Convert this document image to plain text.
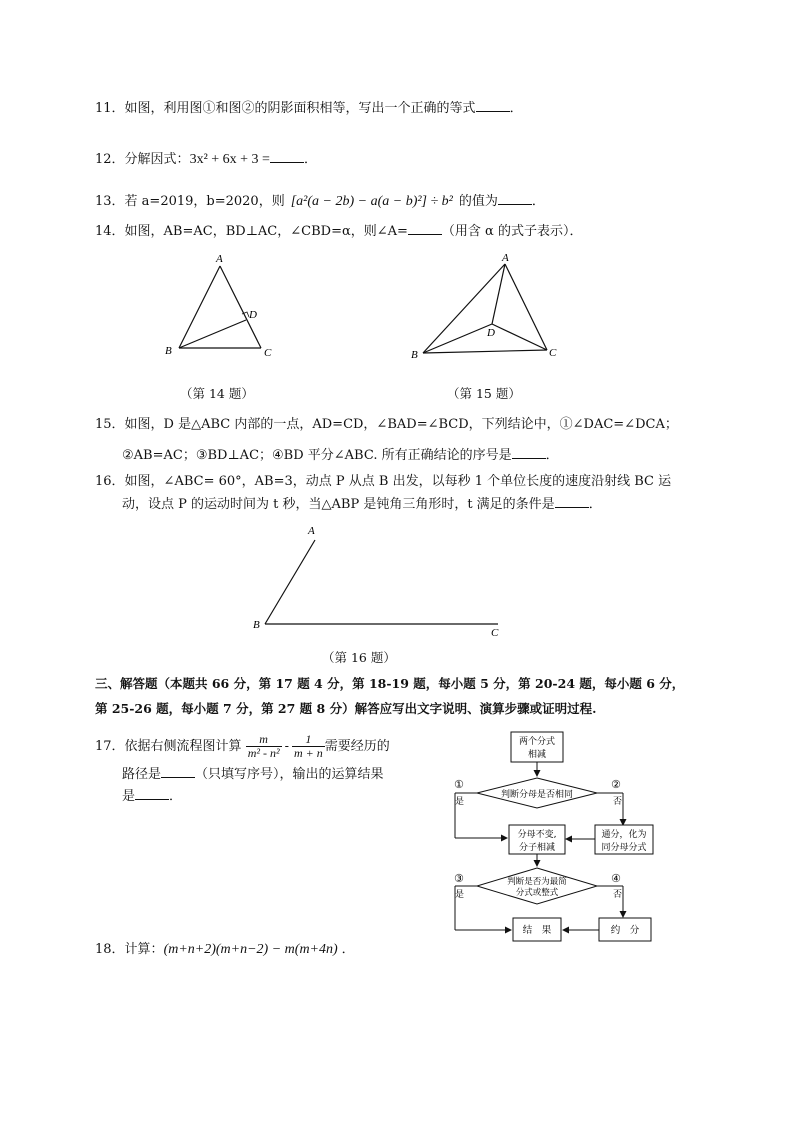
11．如图，利用图①和图②的阴影面积相等，写出一个正确的等式	．
12．分解因式：3x² + 6x + 3 =	．
13．若 a=2019，b=2020，则 [a²(a − 2b) − a(a − b)²] ÷ b² 的值为	．
14．如图，AB=AC，BD⊥AC，∠CBD=α，则∠A=	（用含 α 的式子表示）．
A
B	C
D
（第 14 题）
A
B	C
D
（第 15 题）
15．如图，D 是△ABC 内部的一点，AD=CD，∠BAD=∠BCD，下列结论中，①∠DAC=∠DCA；
②AB=AC；③BD⊥AC；④BD 平分∠ABC. 所有正确结论的序号是	．
16．如图，∠ABC= 60°，AB=3，动点 P 从点 B 出发，以每秒 1 个单位长度的速度沿射线 BC 运
动，设点 P 的运动时间为 t 秒，当△ABP 是钝角三角形时，t 满足的条件是	．
A
B
C
（第 16 题）
三、解答题（本题共 66 分，第 17 题 4 分，第 18-19 题，每小题 5 分，第 20-24 题，每小题 6 分，
第 25-26 题，每小题 7 分，第 27 题 8 分）解答应写出文字说明、演算步骤或证明过程.
17．依据右侧流程图计算 $\frac{m}{\text{m² - n²}} - \frac{1}{m + n}$ 需要经历的
路径是	（只填写序号），输出的运算结果
是	．
两个分式
相减
判断分母是否相同
①
是
②
否
分母不变,
分子相减
通分，化为
同分母分式
判断是否为最简
分式或整式
③
是
④
否
结　果	约　分
18．计算：(m+n+2)(m+n−2) − m(m+4n) ．
